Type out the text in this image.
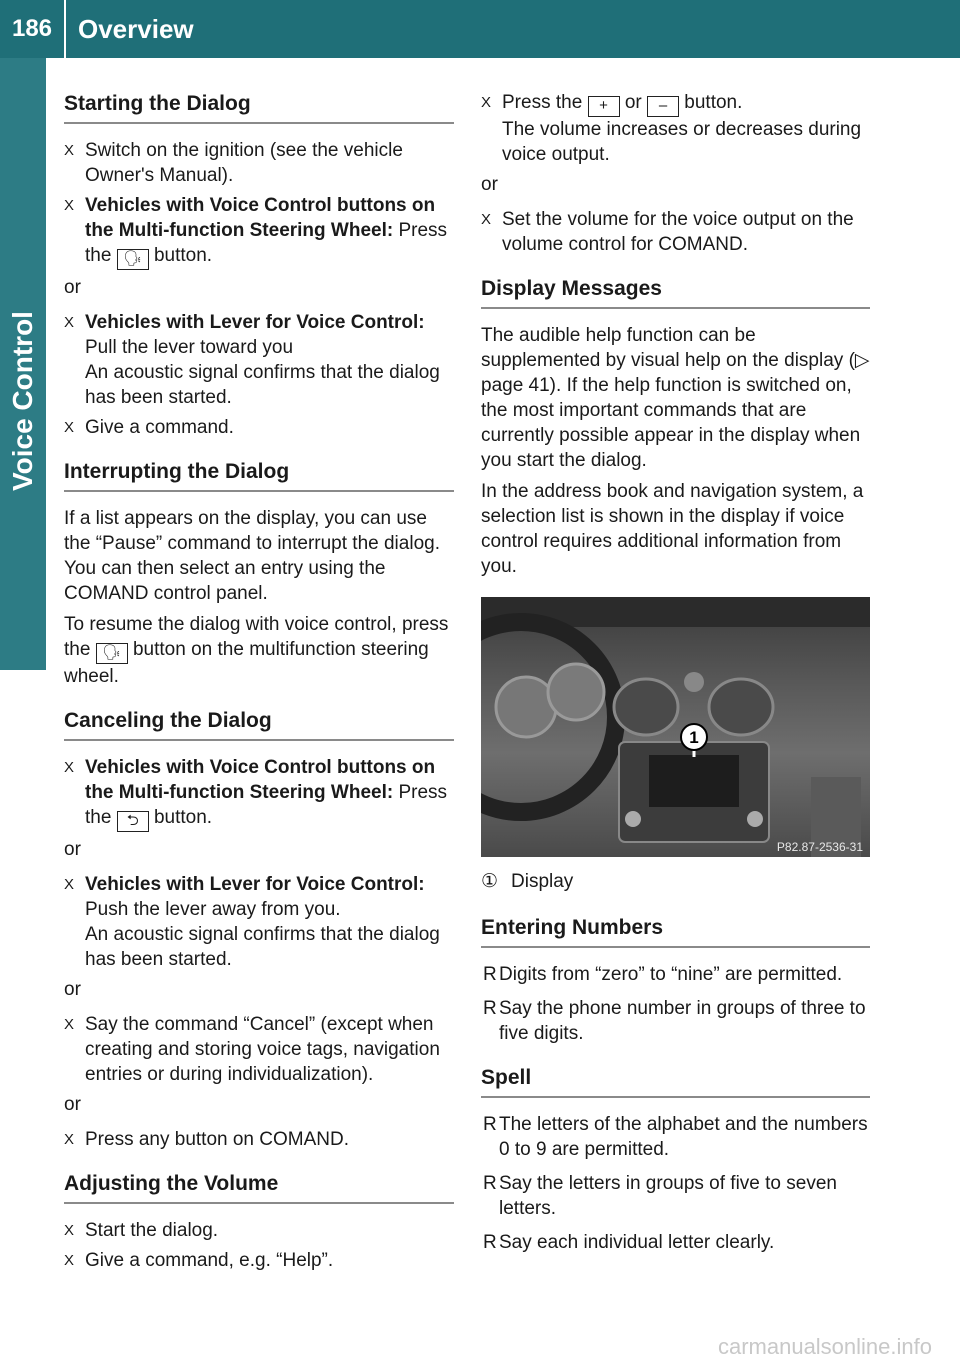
186 Overview
Voice Control
Starting the Dialog
X Switch on the ignition (see the vehicle Owner's Manual).
X Vehicles with Voice Control buttons on the Multi-function Steering Wheel: Press the 🗣︎ button.
or
X Vehicles with Lever for Voice Control:
Pull the lever toward you
An acoustic signal confirms that the dialog has been started.
X Give a command.
Interrupting the Dialog

If a list appears on the display, you can use the “Pause” command to interrupt the dialog. You can then select an entry using the COMAND control panel.

To resume the dialog with voice control, press the 🗣︎ button on the multifunction steering wheel.

Canceling the Dialog
X Vehicles with Voice Control buttons on the Multi-function Steering Wheel: Press the ⮌ button.
or
X Vehicles with Lever for Voice Control:
Push the lever away from you.
An acoustic signal confirms that the dialog has been started.
or
X Say the command “Cancel” (except when creating and storing voice tags, navigation entries or during individualization).
or
X Press any button on COMAND.
Adjusting the Volume
X Start the dialog.
X Give a command, e.g. “Help”.
X Press the + or – button.
The volume increases or decreases during voice output.
or
X Set the volume for the voice output on the volume control for COMAND.
Display Messages

The audible help function can be supplemented by visual help on the display (▷ page 41). If the help function is switched on, the most important commands that are currently possible appear in the display when you start the dialog.

In the address book and navigation system, a selection list is shown in the display if voice control requires additional information from you.

1
P82.87-2536-31
① Display
Entering Numbers
R Digits from “zero” to “nine” are permitted.
R Say the phone number in groups of three to five digits.
Spell
R The letters of the alphabet and the numbers 0 to 9 are permitted.
R Say the letters in groups of five to seven letters.
R Say each individual letter clearly.
carmanualsonline.info
